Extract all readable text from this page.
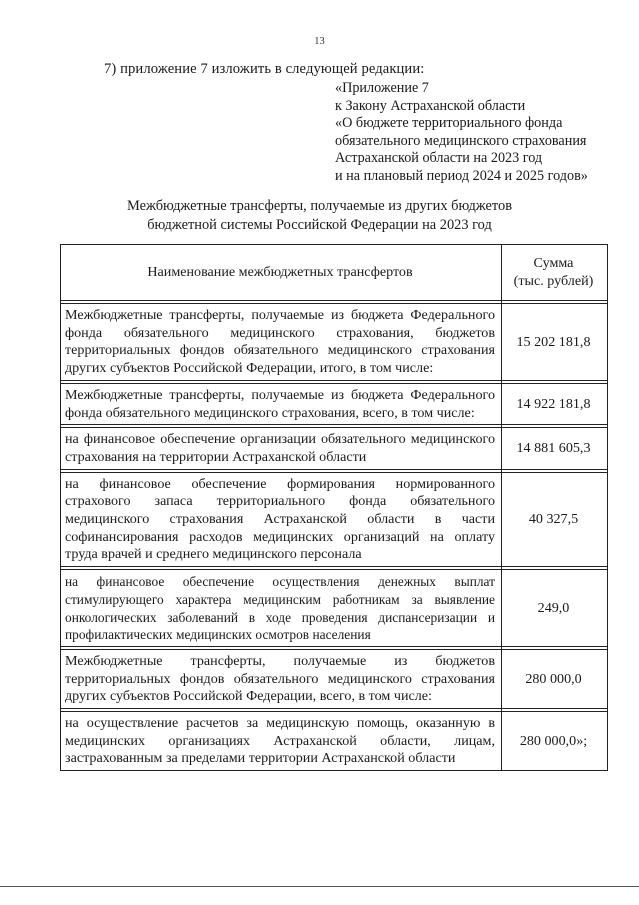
13
7) приложение 7 изложить в следующей редакции:
«Приложение 7
к Закону Астраханской области
«О бюджете территориального фонда
обязательного медицинского страхования
Астраханской области на 2023 год
и на плановый период 2024 и 2025 годов»
Межбюджетные трансферты, получаемые из других бюджетов
бюджетной системы Российской Федерации на 2023 год
Наименование межбюджетных трансфертов	Сумма
(тыс. рублей)

Межбюджетные трансферты, получаемые из бюджета Федерального фонда обязательного медицинского страхования, бюджетов территориальных фондов обязательного медицинского страхования других субъектов Российской Федерации, итого, в том числе:	15 202 181,8

Межбюджетные трансферты, получаемые из бюджета Федерального фонда обязательного медицинского страхования, всего, в том числе:	14 922 181,8

на финансовое обеспечение организации обязательного медицинского страхования на территории Астраханской области	14 881 605,3

на финансовое обеспечение формирования нормированного страхового запаса территориального фонда обязательного медицинского страхования Астраханской области в части софинансирования расходов медицинских организаций на оплату труда врачей и среднего медицинского персонала	40 327,5

на финансовое обеспечение осуществления денежных выплат стимулирующего характера медицинским работникам за выявление онкологических заболеваний в ходе проведения диспансеризации и профилактических медицинских осмотров населения	249,0

Межбюджетные трансферты, получаемые из бюджетов территориальных фондов обязательного медицинского страхования других субъектов Российской Федерации, всего, в том числе:	280 000,0

на осуществление расчетов за медицинскую помощь, оказанную в медицинских организациях Астраханской области, лицам, застрахованным за пределами территории Астраханской области	280 000,0»;
